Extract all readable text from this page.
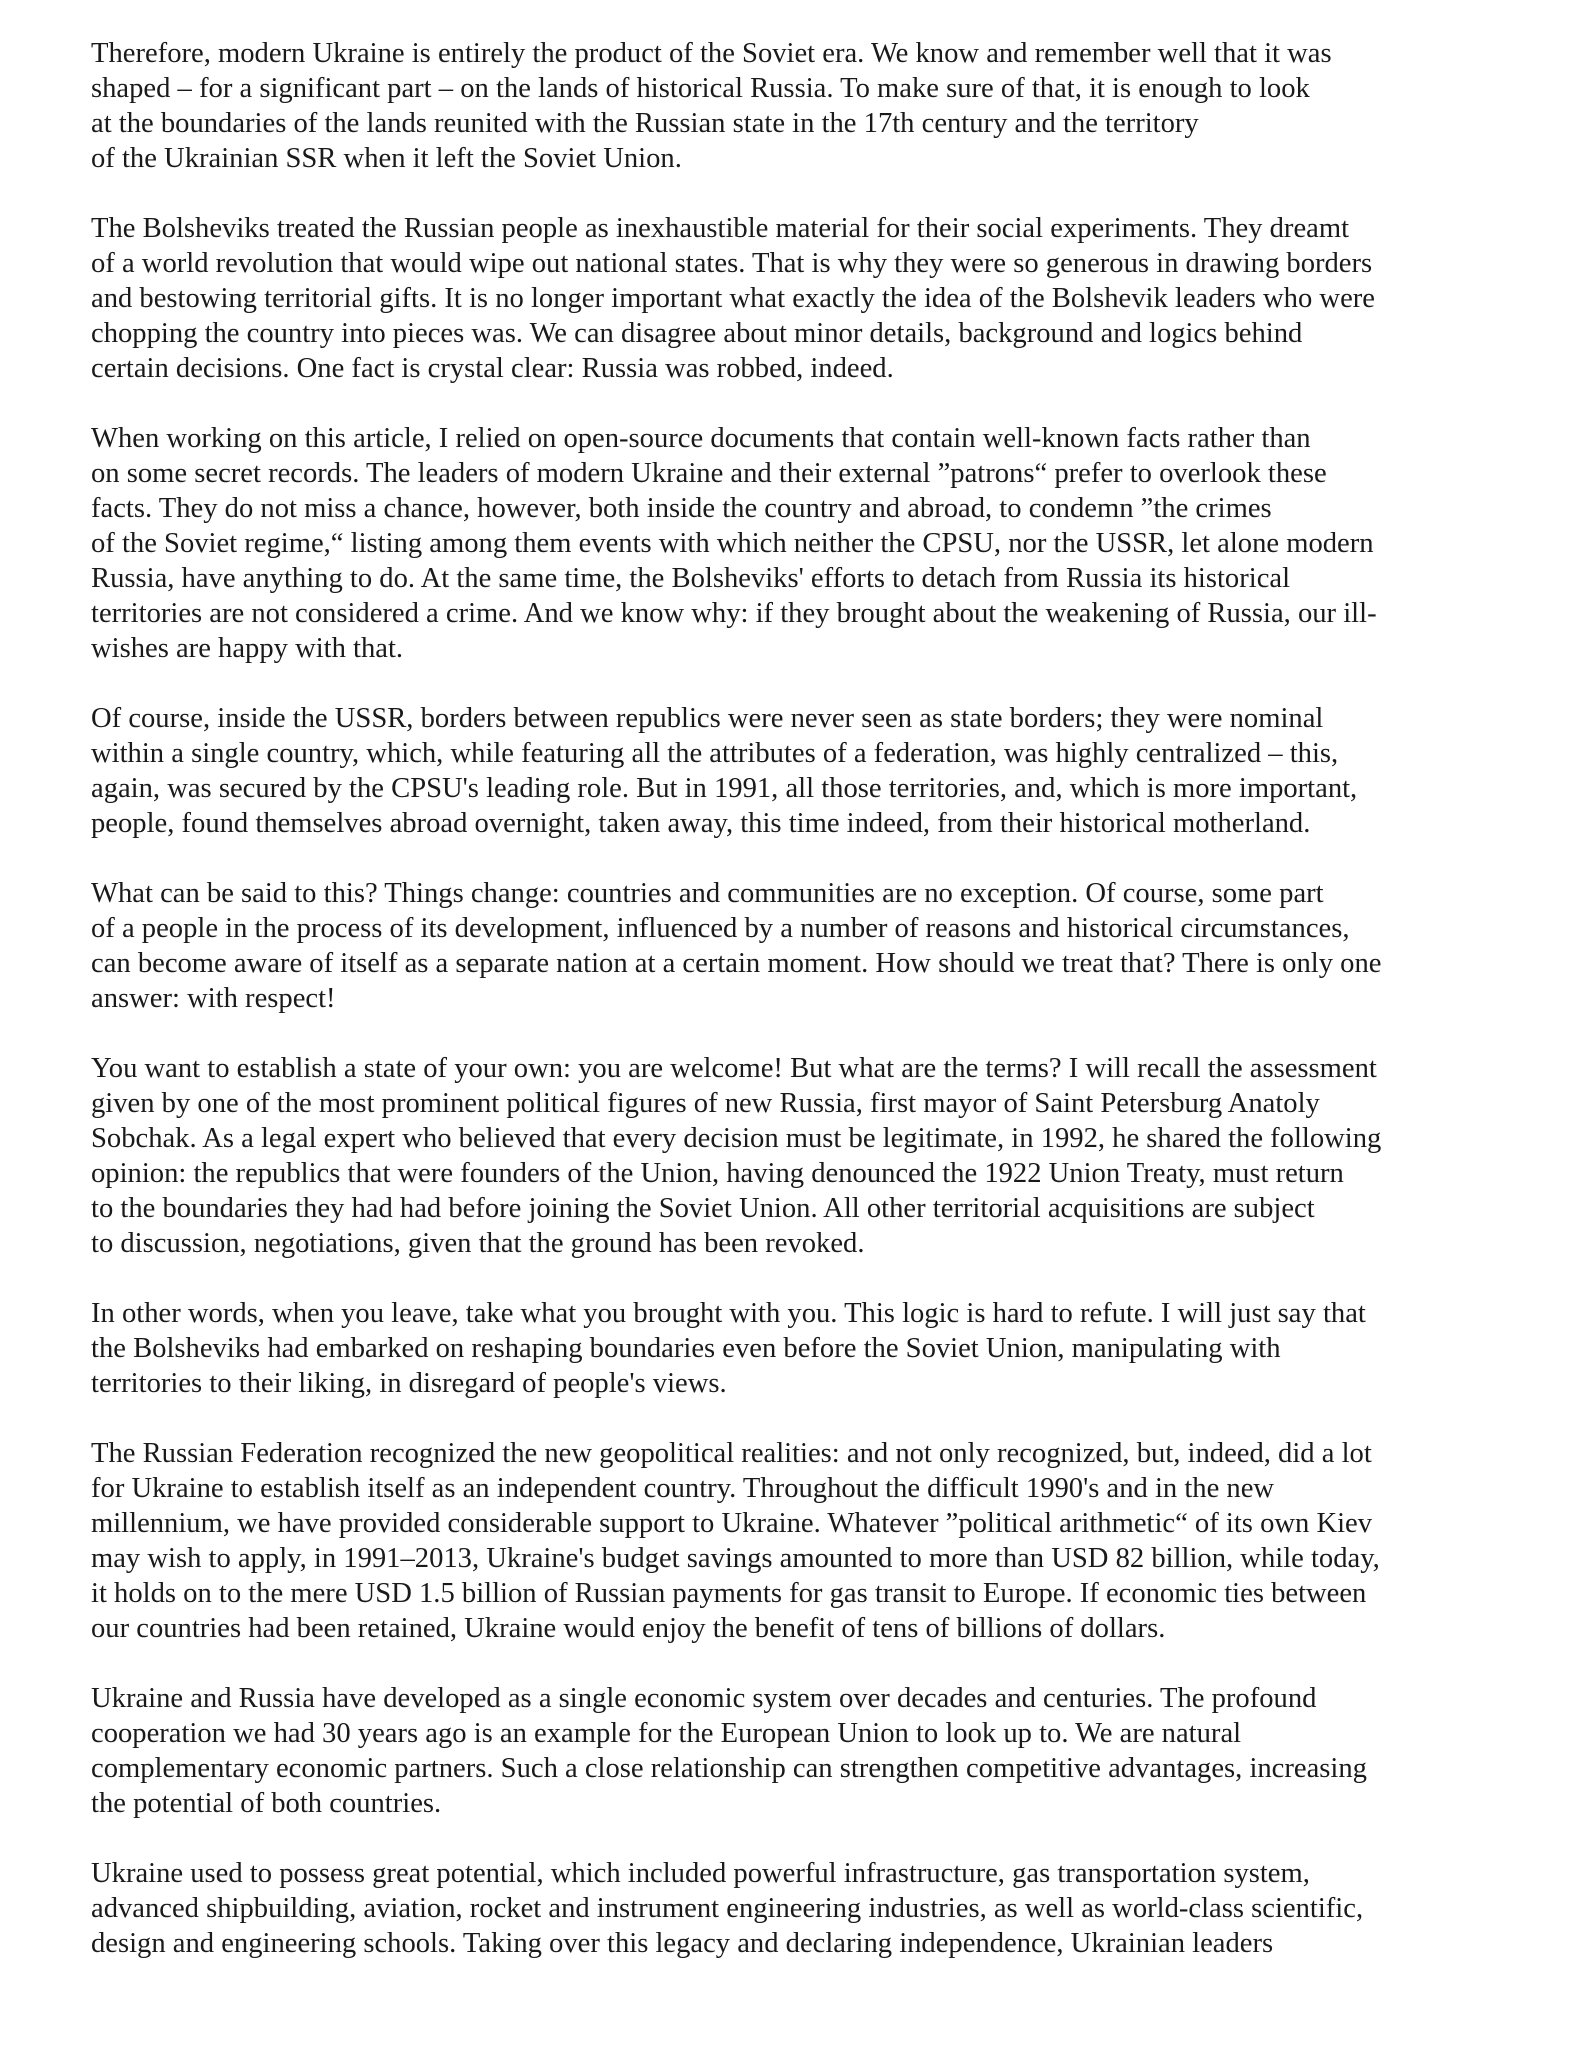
Therefore, modern Ukraine is entirely the product of the Soviet era. We know and remember well that it was
shaped – for a significant part – on the lands of historical Russia. To make sure of that, it is enough to look
at the boundaries of the lands reunited with the Russian state in the 17th century and the territory
of the Ukrainian SSR when it left the Soviet Union.

The Bolsheviks treated the Russian people as inexhaustible material for their social experiments. They dreamt
of a world revolution that would wipe out national states. That is why they were so generous in drawing borders
and bestowing territorial gifts. It is no longer important what exactly the idea of the Bolshevik leaders who were
chopping the country into pieces was. We can disagree about minor details, background and logics behind
certain decisions. One fact is crystal clear: Russia was robbed, indeed.

When working on this article, I relied on open-source documents that contain well-known facts rather than
on some secret records. The leaders of modern Ukraine and their external ”patrons“ prefer to overlook these
facts. They do not miss a chance, however, both inside the country and abroad, to condemn ”the crimes
of the Soviet regime,“ listing among them events with which neither the CPSU, nor the USSR, let alone modern
Russia, have anything to do. At the same time, the Bolsheviks' efforts to detach from Russia its historical
territories are not considered a crime. And we know why: if they brought about the weakening of Russia, our ill-
wishes are happy with that.

Of course, inside the USSR, borders between republics were never seen as state borders; they were nominal
within a single country, which, while featuring all the attributes of a federation, was highly centralized – this,
again, was secured by the CPSU's leading role. But in 1991, all those territories, and, which is more important,
people, found themselves abroad overnight, taken away, this time indeed, from their historical motherland.

What can be said to this? Things change: countries and communities are no exception. Of course, some part
of a people in the process of its development, influenced by a number of reasons and historical circumstances,
can become aware of itself as a separate nation at a certain moment. How should we treat that? There is only one
answer: with respect!

You want to establish a state of your own: you are welcome! But what are the terms? I will recall the assessment
given by one of the most prominent political figures of new Russia, first mayor of Saint Petersburg Anatoly
Sobchak. As a legal expert who believed that every decision must be legitimate, in 1992, he shared the following
opinion: the republics that were founders of the Union, having denounced the 1922 Union Treaty, must return
to the boundaries they had had before joining the Soviet Union. All other territorial acquisitions are subject
to discussion, negotiations, given that the ground has been revoked.

In other words, when you leave, take what you brought with you. This logic is hard to refute. I will just say that
the Bolsheviks had embarked on reshaping boundaries even before the Soviet Union, manipulating with
territories to their liking, in disregard of people's views.

The Russian Federation recognized the new geopolitical realities: and not only recognized, but, indeed, did a lot
for Ukraine to establish itself as an independent country. Throughout the difficult 1990's and in the new
millennium, we have provided considerable support to Ukraine. Whatever ”political arithmetic“ of its own Kiev
may wish to apply, in 1991–2013, Ukraine's budget savings amounted to more than USD 82 billion, while today,
it holds on to the mere USD 1.5 billion of Russian payments for gas transit to Europe. If economic ties between
our countries had been retained, Ukraine would enjoy the benefit of tens of billions of dollars.

Ukraine and Russia have developed as a single economic system over decades and centuries. The profound
cooperation we had 30 years ago is an example for the European Union to look up to. We are natural
complementary economic partners. Such a close relationship can strengthen competitive advantages, increasing
the potential of both countries.

Ukraine used to possess great potential, which included powerful infrastructure, gas transportation system,
advanced shipbuilding, aviation, rocket and instrument engineering industries, as well as world-class scientific,
design and engineering schools. Taking over this legacy and declaring independence, Ukrainian leaders
